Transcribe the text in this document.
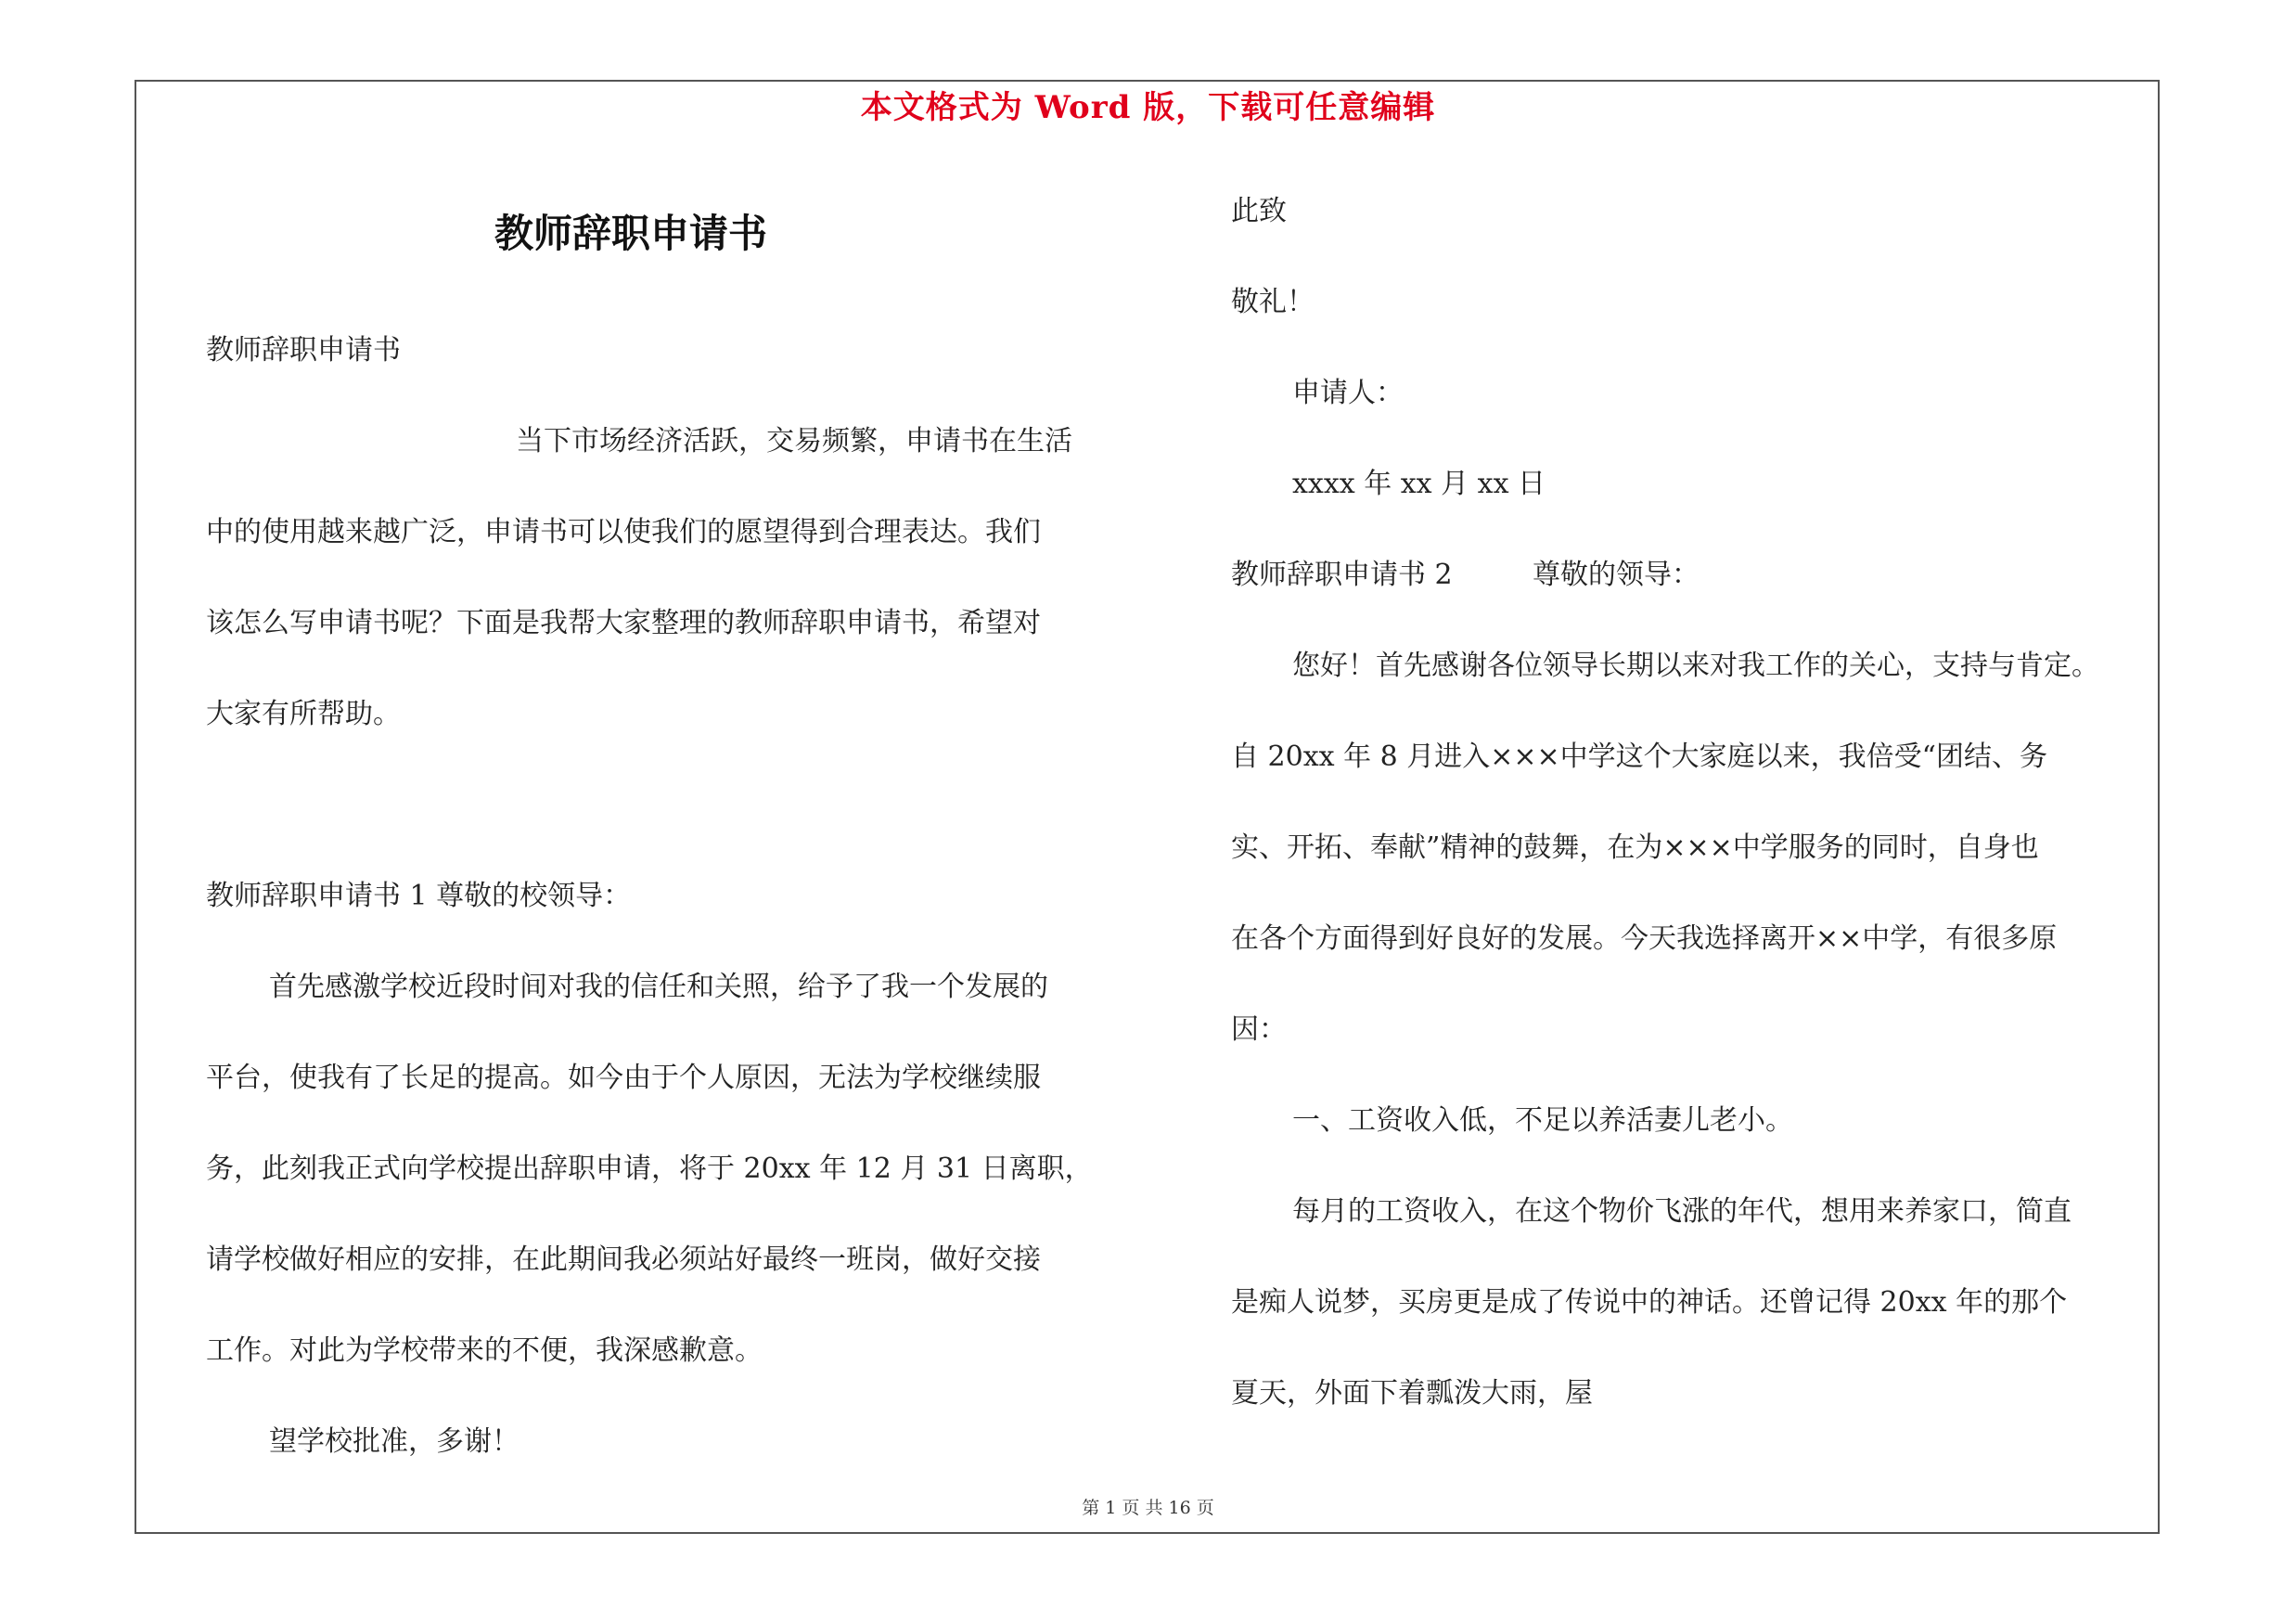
本文格式为 Word 版，下载可任意编辑
教师辞职申请书
教师辞职申请书
当下市场经济活跃，交易频繁，申请书在生活
中的使用越来越广泛，申请书可以使我们的愿望得到合理表达。我们
该怎么写申请书呢？下面是我帮大家整理的教师辞职申请书，希望对
大家有所帮助。
教师辞职申请书 1 尊敬的校领导：
首先感激学校近段时间对我的信任和关照，给予了我一个发展的
平台，使我有了长足的提高。如今由于个人原因，无法为学校继续服
务，此刻我正式向学校提出辞职申请，将于 20xx 年 12 月 31 日离职，
请学校做好相应的安排，在此期间我必须站好最终一班岗，做好交接
工作。对此为学校带来的不便，我深感歉意。
望学校批准，多谢！
此致
敬礼！
申请人：
xxxx 年 xx 月 xx 日
教师辞职申请书 2	尊敬的领导：
您好！首先感谢各位领导长期以来对我工作的关心，支持与肯定。
自 20xx 年 8 月进入×××中学这个大家庭以来，我倍受“团结、务
实、开拓、奉献”精神的鼓舞，在为×××中学服务的同时，自身也
在各个方面得到好良好的发展。今天我选择离开××中学，有很多原
因：
一、工资收入低，不足以养活妻儿老小。
每月的工资收入，在这个物价飞涨的年代，想用来养家口，简直
是痴人说梦，买房更是成了传说中的神话。还曾记得 20xx 年的那个
夏天，外面下着瓢泼大雨，屋
第 1 页 共 16 页
